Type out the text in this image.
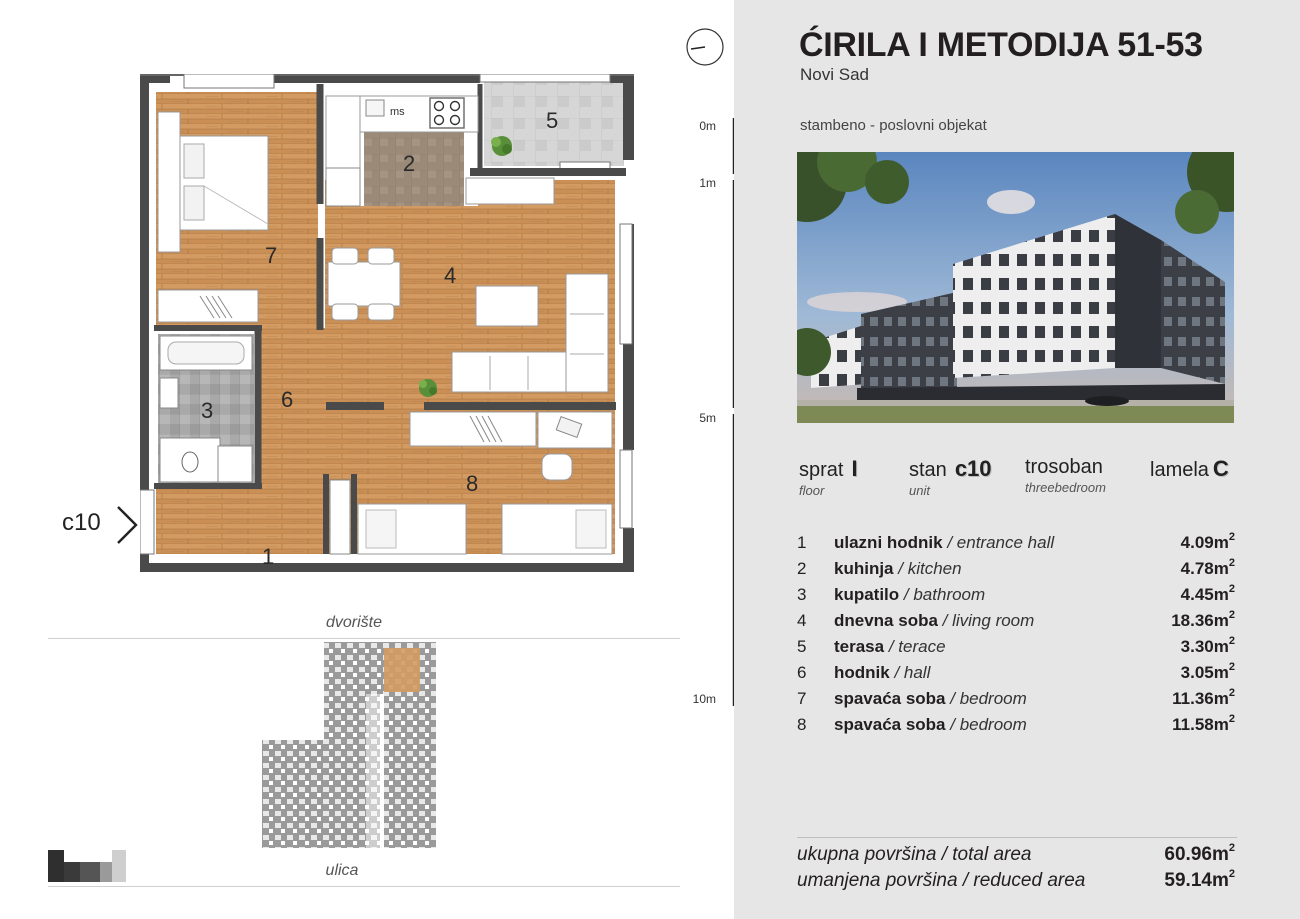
ms
1
2
3
4
5
6
7
8
c10
dvorište
ulica
0m
1m
5m
10m
ĆIRILA I METODIJA 51-53
Novi Sad
stambeno - poslovni objekat
sprat I
floor
stan c10
unit
trosoban
threebedroom
lamela C
1	ulazni hodnik / entrance hall	$4.09m^2$
2	kuhinja / kitchen	$4.78m^2$
3	kupatilo / bathroom	$4.45m^2$
4	dnevna soba / living room	$18.36m^2$
5	terasa / terace	$3.30m^2$
6	hodnik / hall	$3.05m^2$
7	spavaća soba / bedroom	$11.36m^2$
8	spavaća soba / bedroom	$11.58m^2$
ukupna površina / total area	$60.96m^2$
umanjena površina / reduced area	$59.14m^2$
